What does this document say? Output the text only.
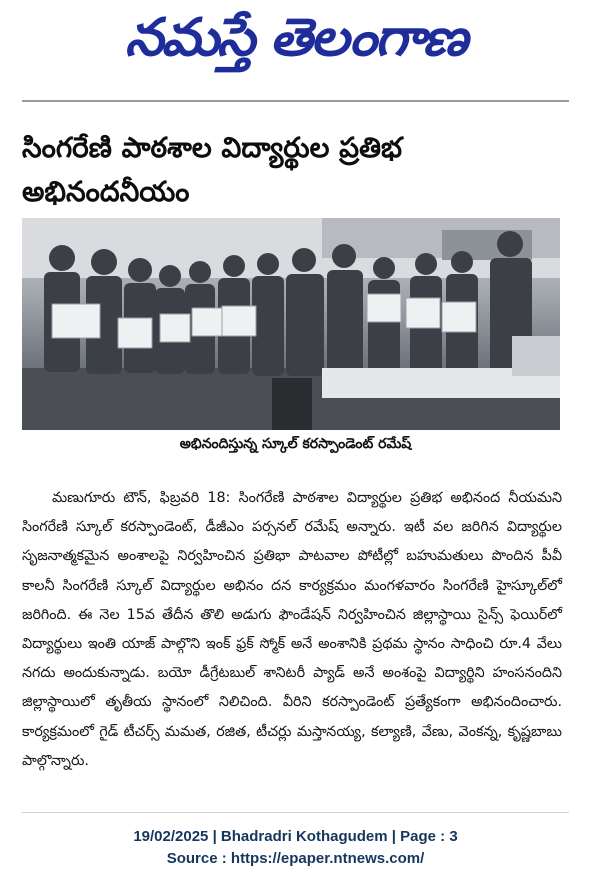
నమస్తే తెలంగాణ
సింగరేణి పాఠశాల విద్యార్థుల ప్రతిభ అభినందనీయం
అభినందిస్తున్న స్కూల్ కరస్పాండెంట్ రమేష్

మణుగూరు టౌన్, ఫిబ్రవరి 18: సింగరేణి పాఠశాల విద్యార్థుల ప్రతిభ అభినంద నీయమని సింగరేణి స్కూల్ కరస్పాండెంట్, డీజీఎం పర్సనల్ రమేష్ అన్నారు. ఇటీ వల జరిగిన విద్యార్థుల సృజనాత్మకమైన అంశాలపై నిర్వహించిన ప్రతిభా పాటవాల పోటీల్లో బహుమతులు పొందిన పీవీ కాలనీ సింగరేణి స్కూల్ విద్యార్థుల అభినం దన కార్యక్రమం మంగళవారం సింగరేణి హైస్కూల్‌లో జరిగింది. ఈ నెల 15వ తేదీన తొలి అడుగు ఫౌండేషన్ నిర్వహించిన జిల్లాస్థాయి సైన్స్ ఫెయిర్‌లో విద్యార్థులు ఇంతి యాజ్ పాల్గొని ఇంక్ ఫ్రక్ స్మోక్ అనే అంశానికి ప్రథమ స్థానం సాధించి రూ.4 వేలు నగదు అందుకున్నాడు. బయో డీగ్రేటబుల్ శానిటరీ ప్యాడ్ అనే అంశంపై విద్యార్థిని హంసనందిని జిల్లాస్థాయిలో తృతీయ స్థానంలో నిలిచింది. వీరిని కరస్పాండెంట్ ప్రత్యేకంగా అభినందించారు. కార్యక్రమంలో గైడ్ టీచర్స్ మమత, రజిత, టీచర్లు మస్తానయ్య, కల్యాణి, వేణు, వెంకన్న, కృష్ణబాబు పాల్గొన్నారు.

19/02/2025 | Bhadradri Kothagudem | Page : 3
Source : https://epaper.ntnews.com/
